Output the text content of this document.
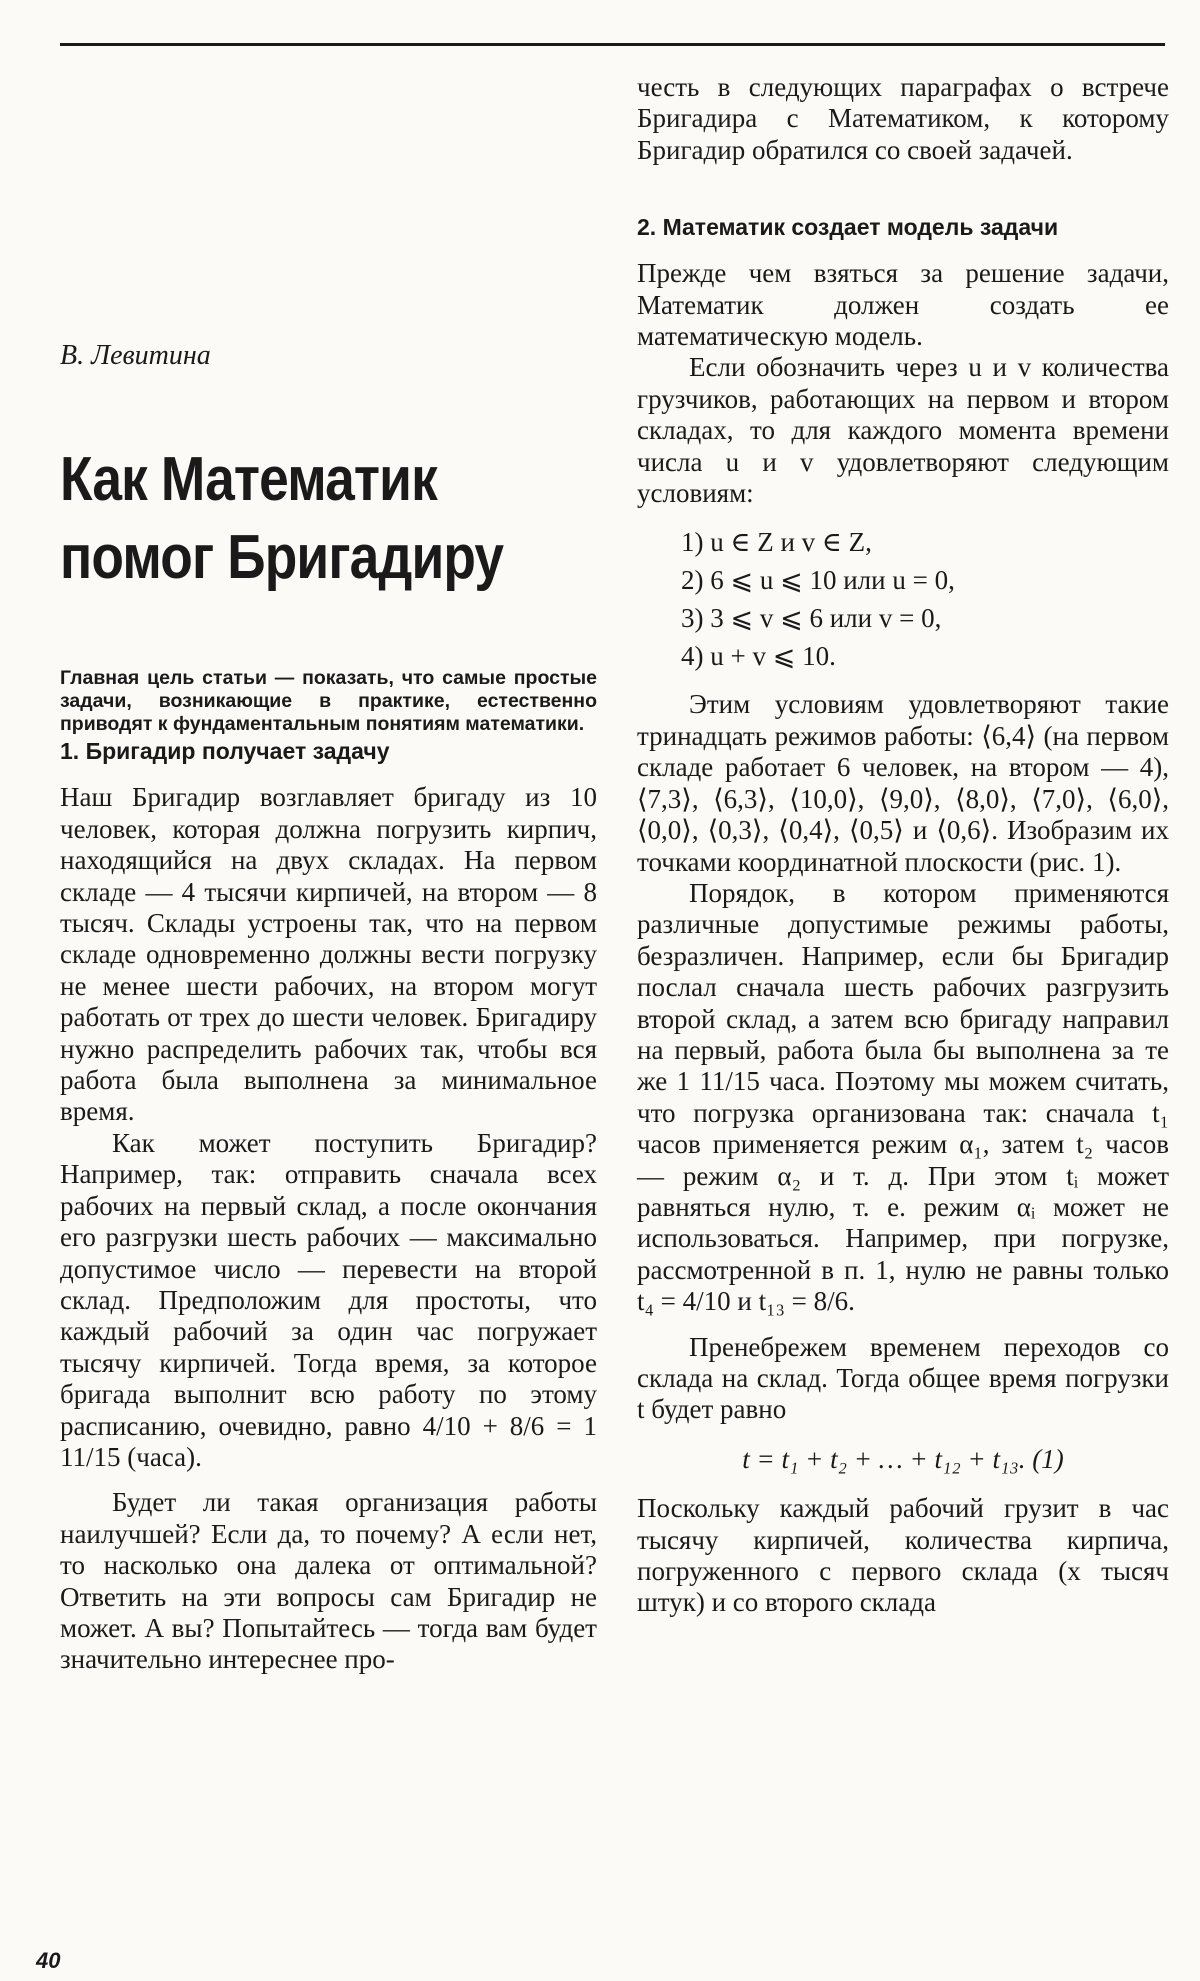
В. Левитина
Как Математик помог Бригадиру

Главная цель статьи — показать, что самые простые задачи, возникающие в практике, естественно приводят к фундаментальным понятиям математики.

1. Бригадир получает задачу

Наш Бригадир возглавляет бригаду из 10 человек, которая должна погрузить кирпич, находящийся на двух складах. На первом складе — 4 тысячи кирпичей, на втором — 8 тысяч. Склады устроены так, что на первом складе одновременно должны вести погрузку не менее шести рабочих, на втором могут работать от трех до шести человек. Бригадиру нужно распределить рабочих так, чтобы вся работа была выполнена за минимальное время.

Как может поступить Бригадир? Например, так: отправить сначала всех рабочих на первый склад, а после окончания его разгрузки шесть рабочих — максимально допустимое число — перевести на второй склад. Предположим для простоты, что каждый рабочий за один час погружает тысячу кирпичей. Тогда время, за которое бригада выполнит всю работу по этому расписанию, очевидно, равно 4/10 + 8/6 = 1 11/15 (часа).

Будет ли такая организация работы наилучшей? Если да, то почему? А если нет, то насколько она далека от оптимальной? Ответить на эти вопросы сам Бригадир не может. А вы? Попытайтесь — тогда вам будет значительно интереснее про-

честь в следующих параграфах о встрече Бригадира с Математиком, к которому Бригадир обратился со своей задачей.

2. Математик создает модель задачи

Прежде чем взяться за решение задачи, Математик должен создать ее математическую модель.

Если обозначить через u и v количества грузчиков, работающих на первом и втором складах, то для каждого момента времени числа u и v удовлетворяют следующим условиям:

1) u ∈ Z и v ∈ Z,
2) 6 ⩽ u ⩽ 10 или u = 0,
3) 3 ⩽ v ⩽ 6 или v = 0,
4) u + v ⩽ 10.

Этим условиям удовлетворяют такие тринадцать режимов работы: ⟨6,4⟩ (на первом складе работает 6 человек, на втором — 4), ⟨7,3⟩, ⟨6,3⟩, ⟨10,0⟩, ⟨9,0⟩, ⟨8,0⟩, ⟨7,0⟩, ⟨6,0⟩, ⟨0,0⟩, ⟨0,3⟩, ⟨0,4⟩, ⟨0,5⟩ и ⟨0,6⟩. Изобразим их точками координатной плоскости (рис. 1).

Порядок, в котором применяются различные допустимые режимы работы, безразличен. Например, если бы Бригадир послал сначала шесть рабочих разгрузить второй склад, а затем всю бригаду направил на первый, работа была бы выполнена за те же 1 11/15 часа. Поэтому мы можем считать, что погрузка организована так: сначала t₁ часов применяется режим α₁, затем t₂ часов — режим α₂ и т. д. При этом tᵢ может равняться нулю, т. е. режим αᵢ может не использоваться. Например, при погрузке, рассмотренной в п. 1, нулю не равны только t₄ = 4/10 и t₁₃ = 8/6.

Пренебрежем временем переходов со склада на склад. Тогда общее время погрузки t будет равно

t = t₁ + t₂ + … + t₁₂ + t₁₃. (1)

Поскольку каждый рабочий грузит в час тысячу кирпичей, количества кирпича, погруженного с первого склада (x тысяч штук) и со второго склада

40
